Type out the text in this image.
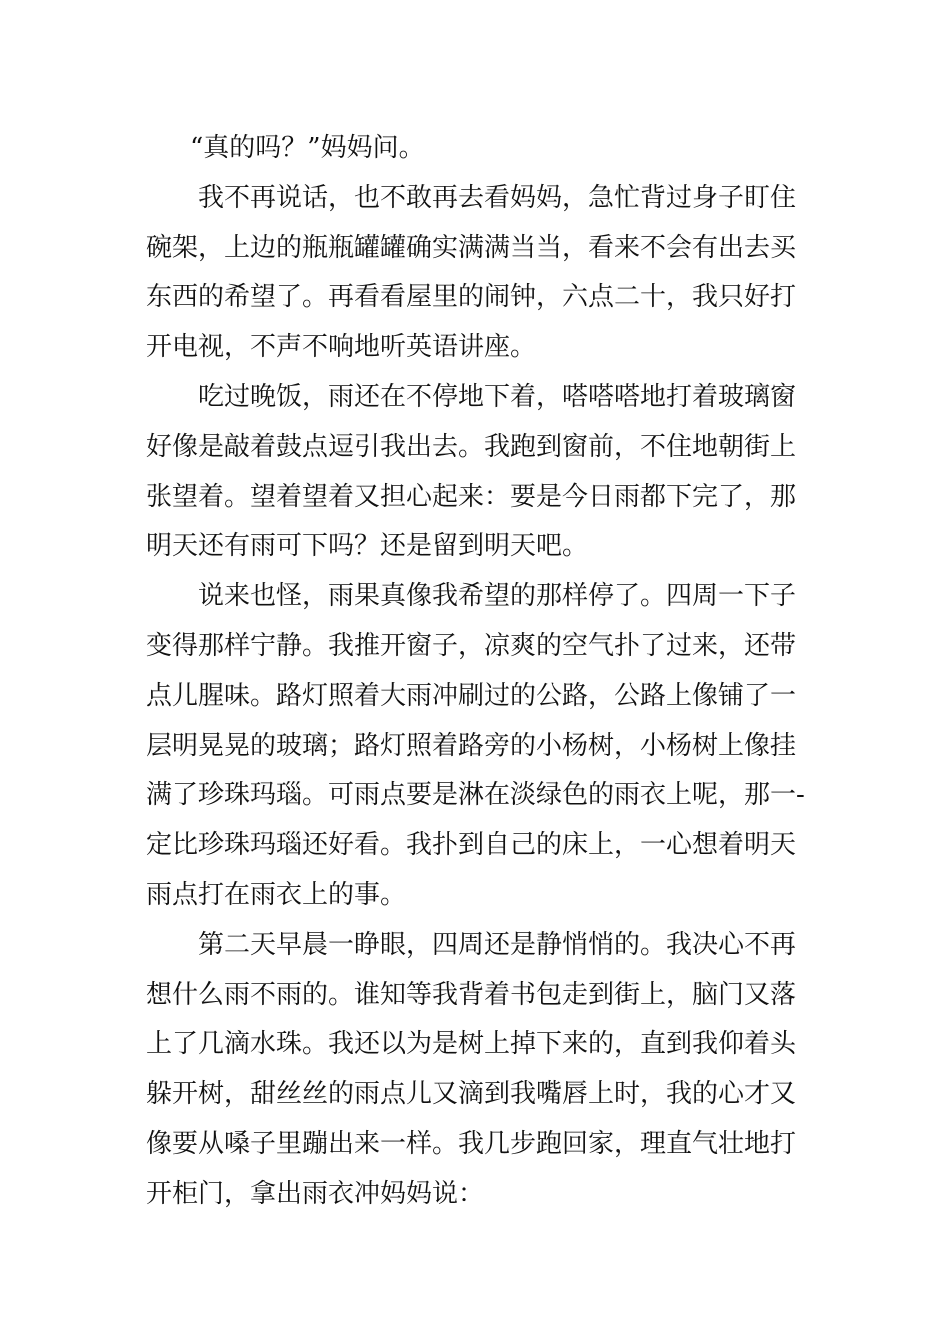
“真的吗？”妈妈问。
我不再说话，也不敢再去看妈妈，急忙背过身子盯住
碗架，上边的瓶瓶罐罐确实满满当当，看来不会有出去买
东西的希望了。再看看屋里的闹钟，六点二十，我只好打
开电视，不声不响地听英语讲座。
吃过晚饭，雨还在不停地下着，嗒嗒嗒地打着玻璃窗
好像是敲着鼓点逗引我出去。我跑到窗前，不住地朝街上
张望着。望着望着又担心起来：要是今日雨都下完了，那
明天还有雨可下吗？还是留到明天吧。
说来也怪，雨果真像我希望的那样停了。四周一下子
变得那样宁静。我推开窗子，凉爽的空气扑了过来，还带
点儿腥味。路灯照着大雨冲刷过的公路，公路上像铺了一
层明晃晃的玻璃；路灯照着路旁的小杨树，小杨树上像挂
满了珍珠玛瑙。可雨点要是淋在淡绿色的雨衣上呢，那一-
定比珍珠玛瑙还好看。我扑到自己的床上，一心想着明天
雨点打在雨衣上的事。
第二天早晨一睁眼，四周还是静悄悄的。我决心不再
想什么雨不雨的。谁知等我背着书包走到街上，脑门又落
上了几滴水珠。我还以为是树上掉下来的，直到我仰着头
躲开树，甜丝丝的雨点儿又滴到我嘴唇上时，我的心才又
像要从嗓子里蹦出来一样。我几步跑回家，理直气壮地打
开柜门，拿出雨衣冲妈妈说：
